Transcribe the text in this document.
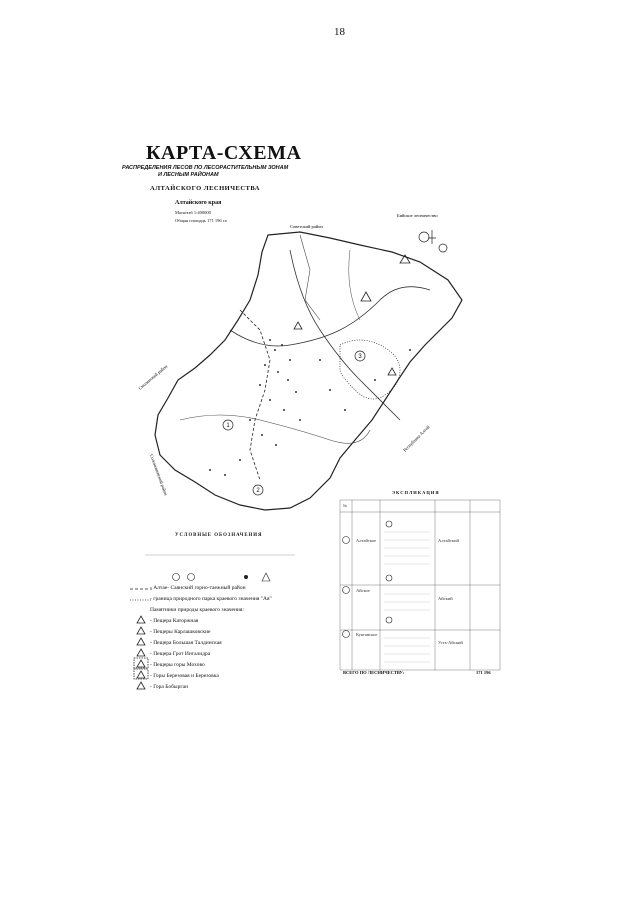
18
КАРТА-СХЕМА
РАСПРЕДЕЛЕНИЯ ЛЕСОВ ПО ЛЕСОРАСТИТЕЛЬНЫМ ЗОНАМ
И ЛЕСНЫМ РАЙОНАМ
АЛТАЙСКОГО ЛЕСНИЧЕСТВА
Алтайского края
Масштаб 1:400000
Общая площадь 171 196 га
1
2
3
Советский район
Бийское лесничество
Смоленский район
Солонешенский район
Республика Алтай
УСЛОВНЫЕ ОБОЗНАЧЕНИЯ
- Алтае- Саянский горно-таежный район
- граница природного парка краевого значения "Ая"
Памятники природы краевого значения:
- Пещера Каторжная
- Пещеры Карлашковские
- Пещера Большая Талдинская
- Пещера Грот Ингалидра
- Пещеры горы Мохово
- Горы Березовая и Березовка
- Гора Бобырган
ЭКСПЛИКАЦИЯ
№
Алтайское	Алтайский
Айское
Айский
Куяганское
Усть-Айский
ВСЕГО ПО ЛЕСНИЧЕСТВУ:	171 196
